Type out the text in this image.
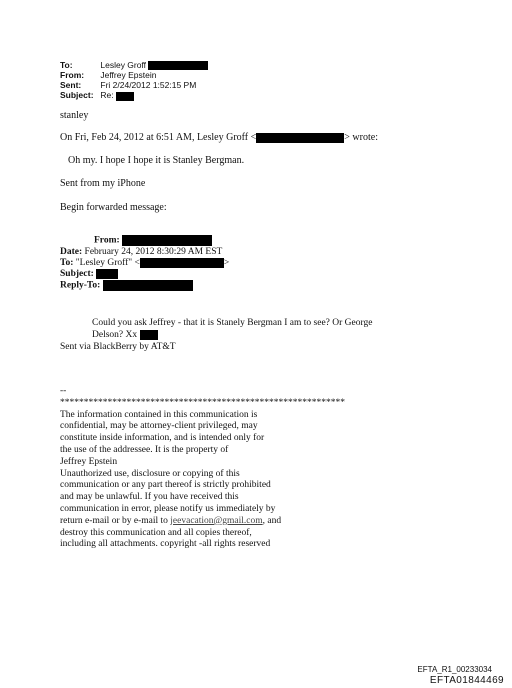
To:	Lesley Groff
From: Jeffrey Epstein
Sent: Fri 2/24/2012 1:52:15 PM
Subject: Re:
stanley
On Fri, Feb 24, 2012 at 6:51 AM, Lesley Groff <	> wrote:
Oh my. I hope I hope it is Stanley Bergman.
Sent from my iPhone
Begin forwarded message:
From:
Date: February 24, 2012 8:30:29 AM EST
To: "Lesley Groff" <	>
Subject:
Reply-To:
Could you ask Jeffrey - that it is Stanely Bergman I am to see? Or George
Delson? Xx
Sent via BlackBerry by AT&T
--
************************************************************
The information contained in this communication is
confidential, may be attorney-client privileged, may
constitute inside information, and is intended only for
the use of the addressee. It is the property of
Jeffrey Epstein
Unauthorized use, disclosure or copying of this
communication or any part thereof is strictly prohibited
and may be unlawful. If you have received this
communication in error, please notify us immediately by
return e-mail or by e-mail to jeevacation@gmail.com, and
destroy this communication and all copies thereof,
including all attachments. copyright -all rights reserved
EFTA_R1_00233034
EFTA01844469
